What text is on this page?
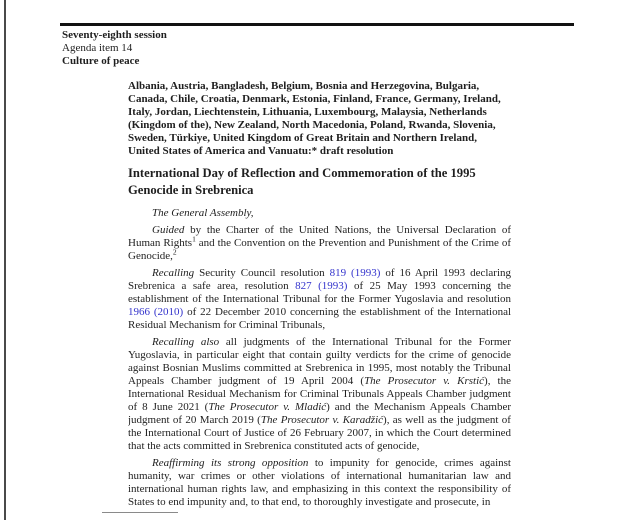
Seventy-eighth session
Agenda item 14
Culture of peace

Albania, Austria, Bangladesh, Belgium, Bosnia and Herzegovina, Bulgaria, Canada, Chile, Croatia, Denmark, Estonia, Finland, France, Germany, Ireland, Italy, Jordan, Liechtenstein, Lithuania, Luxembourg, Malaysia, Netherlands (Kingdom of the), New Zealand, North Macedonia, Poland, Rwanda, Slovenia, Sweden, Türkiye, United Kingdom of Great Britain and Northern Ireland, United States of America and Vanuatu:* draft resolution

International Day of Reflection and Commemoration of the 1995 Genocide in Srebrenica

The General Assembly,

Guided by the Charter of the United Nations, the Universal Declaration of Human Rights$^1$ and the Convention on the Prevention and Punishment of the Crime of Genocide,$^2$

Recalling Security Council resolution 819 (1993) of 16 April 1993 declaring Srebrenica a safe area, resolution 827 (1993) of 25 May 1993 concerning the establishment of the International Tribunal for the Former Yugoslavia and resolution 1966 (2010) of 22 December 2010 concerning the establishment of the International Residual Mechanism for Criminal Tribunals,

Recalling also all judgments of the International Tribunal for the Former Yugoslavia, in particular eight that contain guilty verdicts for the crime of genocide against Bosnian Muslims committed at Srebrenica in 1995, most notably the Tribunal Appeals Chamber judgment of 19 April 2004 (The Prosecutor v. Krstić), the International Residual Mechanism for Criminal Tribunals Appeals Chamber judgment of 8 June 2021 (The Prosecutor v. Mladić) and the Mechanism Appeals Chamber judgment of 20 March 2019 (The Prosecutor v. Karadžić), as well as the judgment of the International Court of Justice of 26 February 2007, in which the Court determined that the acts committed in Srebrenica constituted acts of genocide,

Reaffirming its strong opposition to impunity for genocide, crimes against humanity, war crimes or other violations of international humanitarian law and international human rights law, and emphasizing in this context the responsibility of States to end impunity and, to that end, to thoroughly investigate and prosecute, in
